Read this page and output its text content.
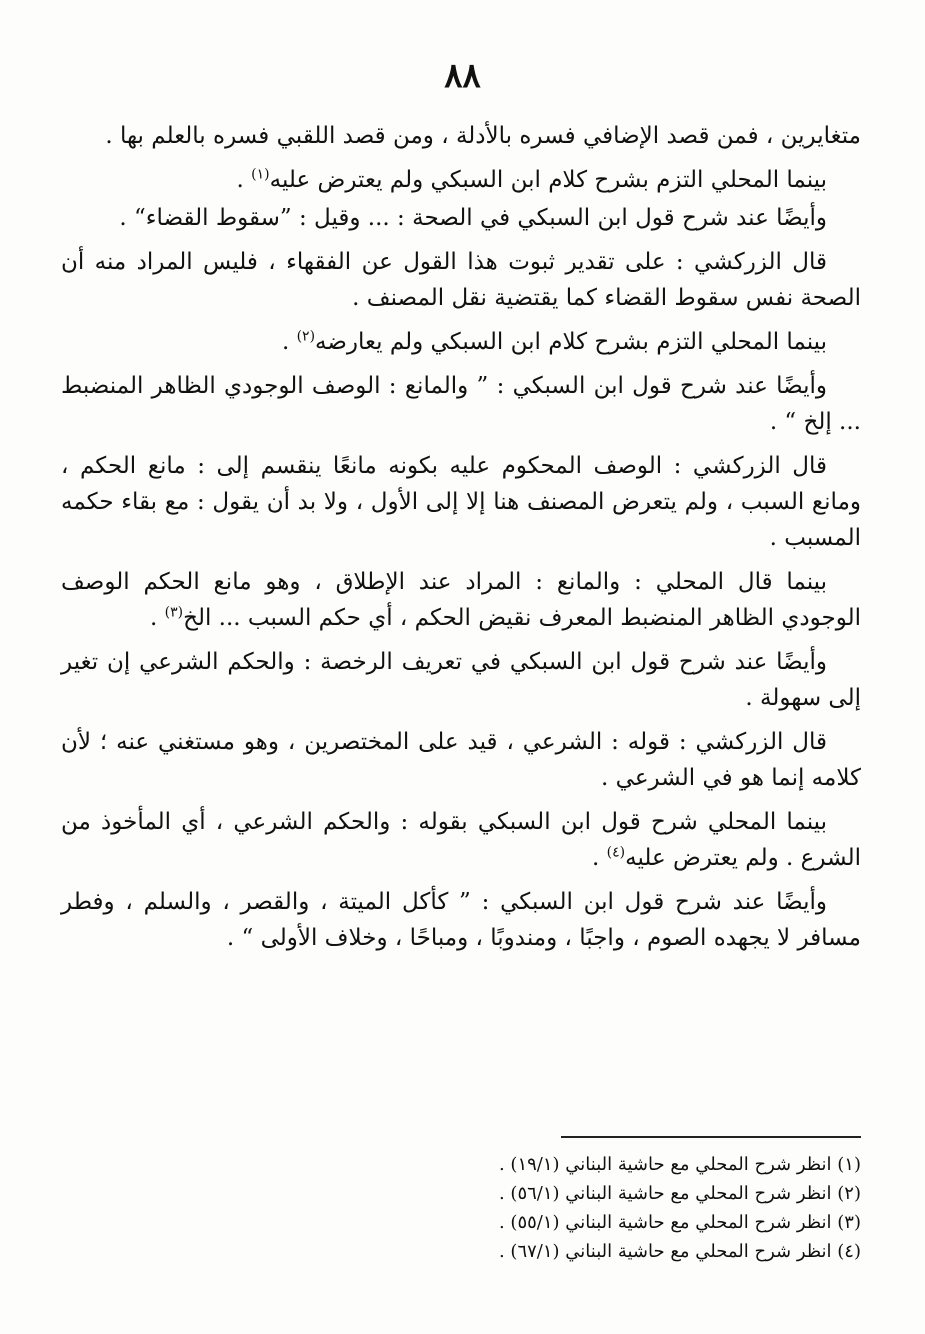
٨٨

متغايرين ، فمن قصد الإضافي فسره بالأدلة ، ومن قصد اللقبي فسره بالعلم بها .

بينما المحلي التزم بشرح كلام ابن السبكي ولم يعترض عليه$^{(١)}$ .

وأيضًا عند شرح قول ابن السبكي في الصحة : ... وقيل : ”سقوط القضاء“ .

قال الزركشي : على تقدير ثبوت هذا القول عن الفقهاء ، فليس المراد منه أن الصحة نفس سقوط القضاء كما يقتضية نقل المصنف .

بينما المحلي التزم بشرح كلام ابن السبكي ولم يعارضه$^{(٢)}$ .

وأيضًا عند شرح قول ابن السبكي : ” والمانع : الوصف الوجودي الظاهر المنضبط ... إلخ “ .

قال الزركشي : الوصف المحكوم عليه بكونه مانعًا ينقسم إلى : مانع الحكم ، ومانع السبب ، ولم يتعرض المصنف هنا إلا إلى الأول ، ولا بد أن يقول : مع بقاء حكمه المسبب .

بينما قال المحلي : والمانع : المراد عند الإطلاق ، وهو مانع الحكم الوصف الوجودي الظاهر المنضبط المعرف نقيض الحكم ، أي حكم السبب ... الخ$^{(٣)}$ .

وأيضًا عند شرح قول ابن السبكي في تعريف الرخصة : والحكم الشرعي إن تغير إلى سهولة .

قال الزركشي : قوله : الشرعي ، قيد على المختصرين ، وهو مستغني عنه ؛ لأن كلامه إنما هو في الشرعي .

بينما المحلي شرح قول ابن السبكي بقوله : والحكم الشرعي ، أي المأخوذ من الشرع . ولم يعترض عليه$^{(٤)}$ .

وأيضًا عند شرح قول ابن السبكي : ” كأكل الميتة ، والقصر ، والسلم ، وفطر مسافر لا يجهده الصوم ، واجبًا ، ومندوبًا ، ومباحًا ، وخلاف الأولى “ .

(١) انظر شرح المحلي مع حاشية البناني (١٩/١) .

(٢) انظر شرح المحلي مع حاشية البناني (٥٦/١) .

(٣) انظر شرح المحلي مع حاشية البناني (٥٥/١) .

(٤) انظر شرح المحلي مع حاشية البناني (٦٧/١) .
